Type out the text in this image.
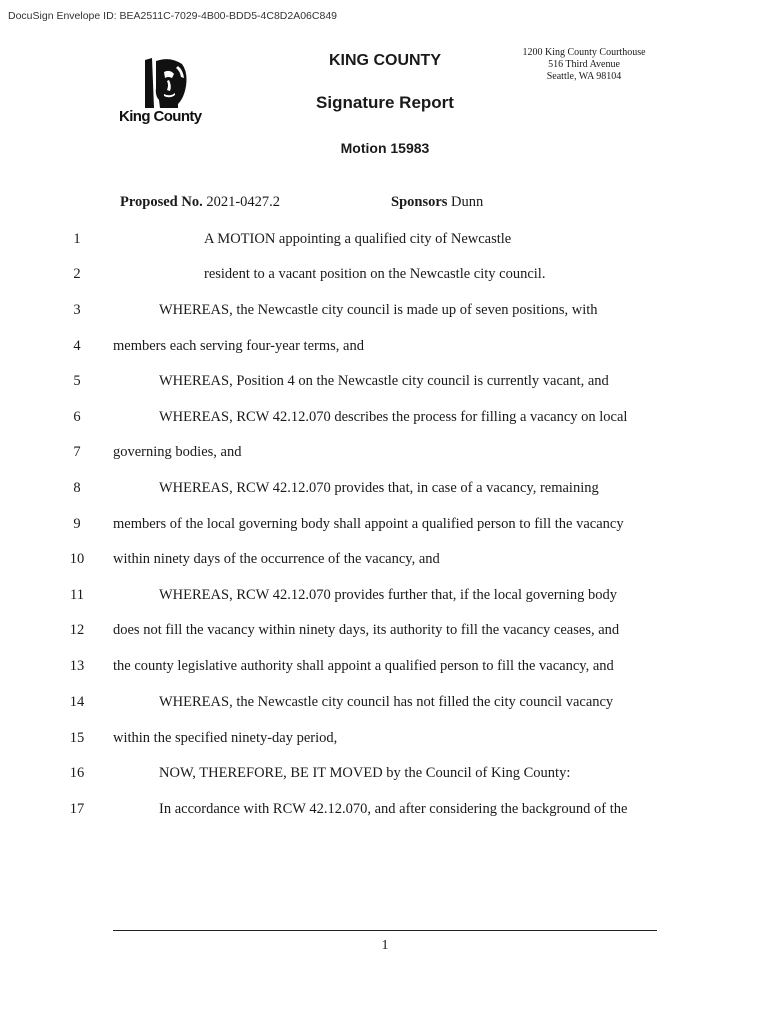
DocuSign Envelope ID: BEA2511C-7029-4B00-BDD5-4C8D2A06C849
King County
KING COUNTY	1200 King County Courthouse
516 Third Avenue
Seattle, WA 98104
Signature Report
Motion 15983
Proposed No. 2021-0427.2	Sponsors Dunn
1	A MOTION appointing a qualified city of Newcastle
2	resident to a vacant position on the Newcastle city council.
3	WHEREAS, the Newcastle city council is made up of seven positions, with
4	members each serving four-year terms, and
5	WHEREAS, Position 4 on the Newcastle city council is currently vacant, and
6	WHEREAS, RCW 42.12.070 describes the process for filling a vacancy on local
7	governing bodies, and
8	WHEREAS, RCW 42.12.070 provides that, in case of a vacancy, remaining
9	members of the local governing body shall appoint a qualified person to fill the vacancy
10	within ninety days of the occurrence of the vacancy, and
11	WHEREAS, RCW 42.12.070 provides further that, if the local governing body
12	does not fill the vacancy within ninety days, its authority to fill the vacancy ceases, and
13	the county legislative authority shall appoint a qualified person to fill the vacancy, and
14	WHEREAS, the Newcastle city council has not filled the city council vacancy
15	within the specified ninety-day period,
16	NOW, THEREFORE, BE IT MOVED by the Council of King County:
17	In accordance with RCW 42.12.070, and after considering the background of the
1
